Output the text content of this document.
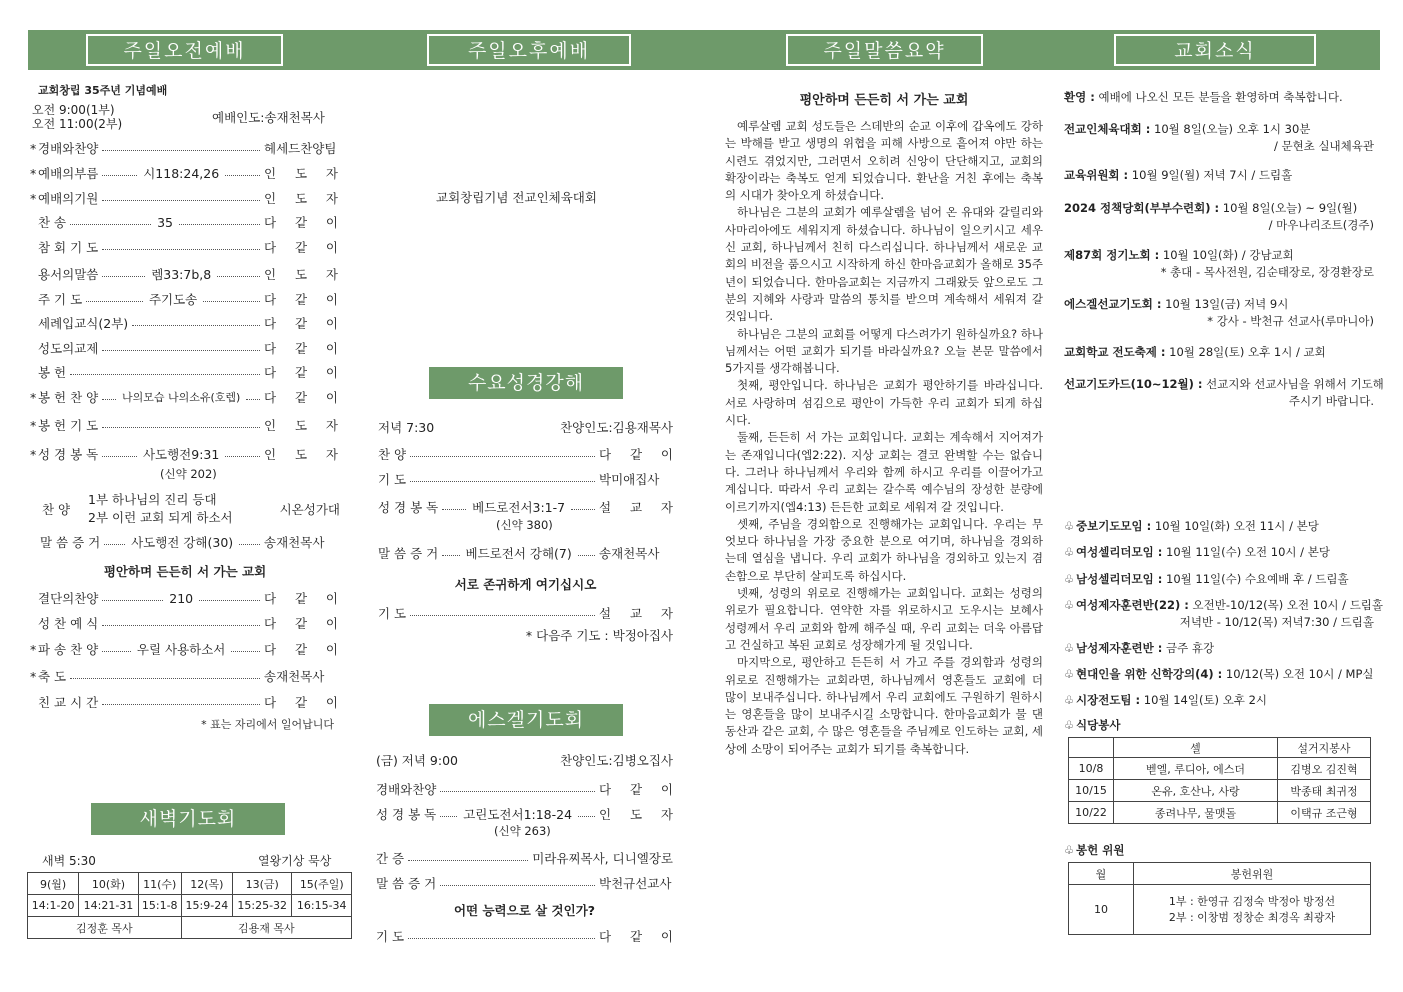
주일오전예배	주일오후예배	주일말씀요약	교회소식
교회창립 35주년 기념예배
오전 9:00(1부)
오전 11:00(2부)	예배인도:송재천목사
* 경배와찬양	헤세드찬양팀
* 예배의부름	시118:24,26	인 도 자
* 예배의기원	인 도 자
찬 송	35	다 같 이
참 회 기 도	다 같 이
용서의말씀	렘33:7b,8	인 도 자
주 기 도	주기도송	다 같 이
세례입교식(2부)	다 같 이
성도의교제	다 같 이
봉 헌	다 같 이
* 봉 헌 찬 양 나의모습 나의소유(호렙) 다 같 이
* 봉 헌 기 도	인 도 자
* 성 경 봉 독	사도행전9:31	인 도 자
(신약 202)
찬 양
1부 하나님의 진리 등대
2부 이런 교회 되게 하소서
시온성가대
말 씀 증 거 사도행전 강해(30) 송재천목사
평안하며 든든히 서 가는 교회
결단의찬양	210	다 같 이
성 찬 예 식	다 같 이
* 파 송 찬 양	우릴 사용하소서	다 같 이
* 축 도	송재천목사
친 교 시 간	다 같 이
* 표는 자리에서 일어납니다
새벽기도회
새벽 5:30	열왕기상 묵상
9(월)	10(화)	11(수)	12(목)	13(금)	15(주일)
14:1-20	14:21-31	15:1-8	15:9-24	15:25-32	16:15-34
김정훈 목사			김용재 목사		
교회창립기념 전교인체육대회
수요성경강해
저녁 7:30	찬양인도:김용재목사
찬 양	다 같 이
기 도	박미애집사
성 경 봉 독	베드로전서3:1-7	설 교 자
(신약 380)
말 씀 증 거 베드로전서 강해(7) 송재천목사
서로 존귀하게 여기십시오
기 도	설 교 자
* 다음주 기도 : 박정아집사
에스겔기도회
(금) 저녁 9:00	찬양인도:김병오집사
경배와찬양	다 같 이
성 경 봉 독 고린도전서1:18-24 인 도 자
(신약 263)
간 증	미라유찌목사, 디니엘장로
말 씀 증 거	박천규선교사
어떤 능력으로 살 것인가?
기 도	다 같 이
평안하며 든든히 서 가는 교회

예루살렘 교회 성도들은 스데반의 순교 이후에 갑옥에도 강하는 박해를 받고 생명의 위협을 피해 사방으로 흩어져 야만 하는 시련도 겪었지만, 그러면서 오히려 신앙이 단단해지고, 교회의 확장이라는 축복도 얻게 되었습니다. 환난을 거친 후에는 축복의 시대가 찾아오게 하셨습니다.

하나님은 그분의 교회가 예루살렘을 넘어 온 유대와 갈릴리와 사마리아에도 세워지게 하셨습니다. 하나님이 일으키시고 세우신 교회, 하나님께서 친히 다스리십니다. 하나님께서 새로운 교회의 비전을 품으시고 시작하게 하신 한마음교회가 올해로 35주년이 되었습니다. 한마음교회는 지금까지 그래왔듯 앞으로도 그분의 지혜와 사랑과 말씀의 통치를 받으며 계속해서 세워져 갈 것입니다.

하나님은 그분의 교회를 어떻게 다스려가기 원하실까요? 하나님께서는 어떤 교회가 되기를 바라실까요? 오늘 본문 말씀에서 5가지를 생각해봅니다.

첫째, 평안입니다. 하나님은 교회가 평안하기를 바라십니다. 서로 사랑하며 섬김으로 평안이 가득한 우리 교회가 되게 하십시다.

둘째, 든든히 서 가는 교회입니다. 교회는 계속해서 지어져가는 존재입니다(엡2:22). 지상 교회는 결코 완벽할 수는 없습니다. 그러나 하나님께서 우리와 함께 하시고 우리를 이끌어가고 계십니다. 따라서 우리 교회는 갈수록 예수님의 장성한 분량에 이르기까지(엡4:13) 든든한 교회로 세워져 갈 것입니다.

셋째, 주님을 경외함으로 진행해가는 교회입니다. 우리는 무엇보다 하나님을 가장 중요한 분으로 여기며, 하나님을 경외하는데 열심을 냅니다. 우리 교회가 하나님을 경외하고 있는지 겸손함으로 부단히 살피도록 하십시다.

넷째, 성령의 위로로 진행해가는 교회입니다. 교회는 성령의 위로가 필요합니다. 연약한 자를 위로하시고 도우시는 보혜사 성령께서 우리 교회와 함께 해주실 때, 우리 교회는 더욱 아름답고 건실하고 복된 교회로 성장해가게 될 것입니다.

마지막으로, 평안하고 든든히 서 가고 주를 경외함과 성령의 위로로 진행해가는 교회라면, 하나님께서 영혼들도 교회에 더 많이 보내주십니다. 하나님께서 우리 교회에도 구원하기 원하시는 영혼들을 많이 보내주시길 소망합니다. 한마음교회가 물 댄 동산과 같은 교회, 수 많은 영혼들을 주님께로 인도하는 교회, 세상에 소망이 되어주는 교회가 되기를 축복합니다.

환영 : 예배에 나오신 모든 분들을 환영하며 축복합니다.
전교인체육대회 : 10월 8일(오늘) 오후 1시 30분
/ 문현초 실내체육관
교육위원회 : 10월 9일(월) 저녁 7시 / 드림홀
2024 정책당회(부부수련회) : 10월 8일(오늘) ~ 9일(월)
/ 마우나리조트(경주)
제87회 정기노회 : 10월 10일(화) / 강남교회
* 총대 - 목사전원, 김순태장로, 장경환장로
에스겔선교기도회 : 10월 13일(금) 저녁 9시
* 강사 - 박천규 선교사(루마니아)
교회학교 전도축제 : 10월 28일(토) 오후 1시 / 교회
선교기도카드(10~12월) : 선교지와 선교사님을 위해서 기도해
주시기 바랍니다.
♧ 중보기도모임 : 10월 10일(화) 오전 11시 / 본당
♧ 여성셀리더모임 : 10월 11일(수) 오전 10시 / 본당
♧ 남성셀리더모임 : 10월 11일(수) 수요예배 후 / 드림홀
♧ 여성제자훈련반(22) : 오전반-10/12(목) 오전 10시 / 드림홀
저녁반 - 10/12(목) 저녁7:30 / 드림홀
♧ 남성제자훈련반 : 금주 휴강
♧ 현대인을 위한 신학강의(4) : 10/12(목) 오전 10시 / MP실
♧ 시장전도팀 : 10월 14일(토) 오후 2시
♧ 식당봉사
	셀	설거지봉사
10/8	벧엘, 루디아, 에스더	김병오 김진혁
10/15	온유, 호산나, 사랑	박종태 최귀정
10/22	종려나무, 물맷돌	이택규 조근형
♧ 봉헌 위원
월	봉헌위원
10	1부 : 한영규 김정숙 박정아 방정선
2부 : 이창범 정창순 최경옥 최광자
